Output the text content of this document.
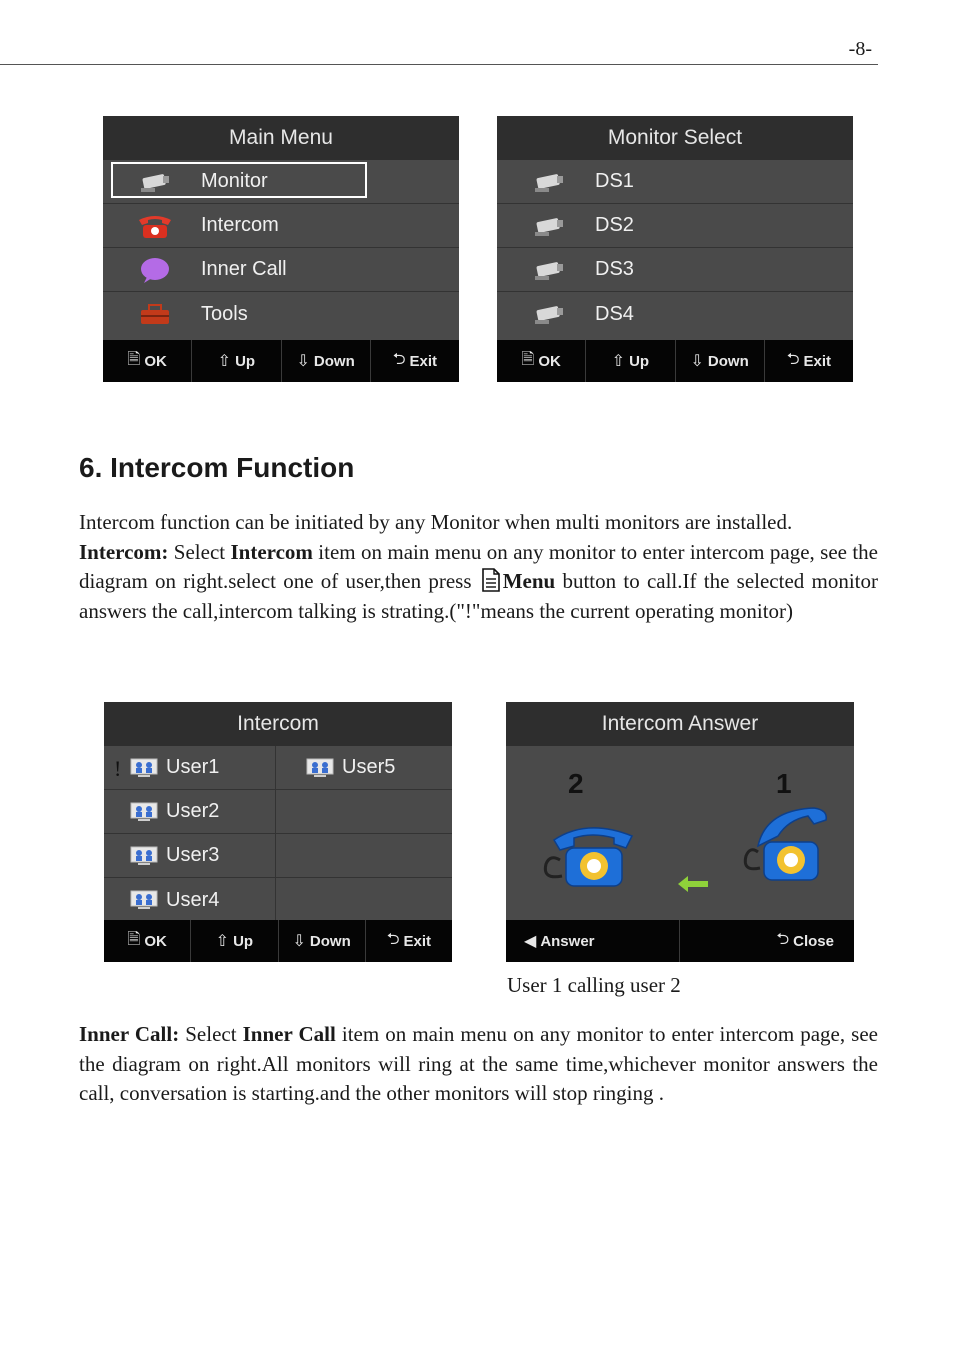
-8-
Main Menu
Monitor
Intercom
Inner Call
Tools
🗎 OK	⇧ Up	⇩ Down ⮌ Exit
Monitor Select
DS1
DS2
DS3
DS4
🗎 OK	⇧ Up	⇩ Down ⮌ Exit
6. Intercom Function

Intercom function can be initiated by any Monitor when multi monitors are installed.
Intercom: Select Intercom item on main menu on any monitor to enter intercom page, see the diagram on right.select one of user,then press Menu button to call.If the selected monitor answers the call,intercom talking is strating.("!"means the current operating monitor)

Intercom
! User1	User5
User2
User3
User4
🗎 OK	⇧ Up ⇩ Down ⮌ Exit
Intercom Answer
2	1
◀ Answer	⮌ Close
User 1 calling user 2

Inner Call: Select Inner Call item on main menu on any monitor to enter intercom page, see the diagram on right.All monitors will ring at the same time,whichever monitor answers the call, conversation is starting.and the other monitors will stop ringing .
